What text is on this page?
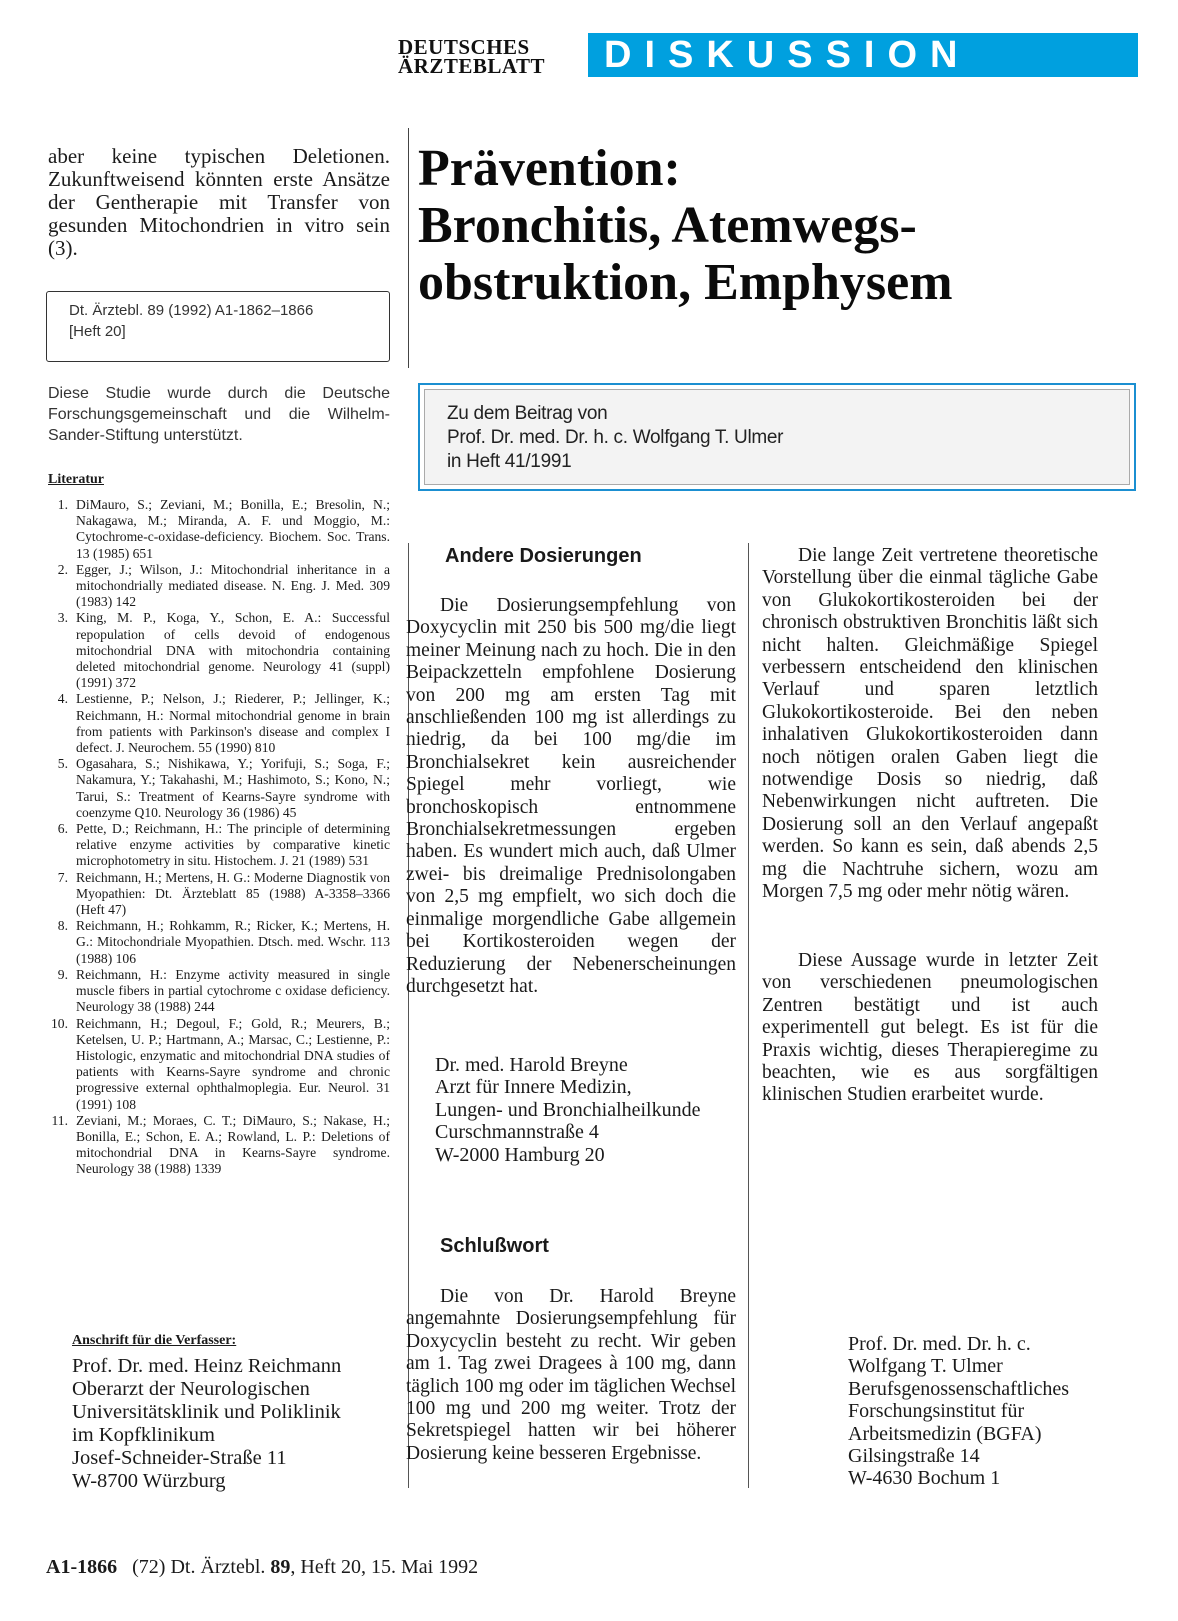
DEUTSCHES
ÄRZTEBLATT	DISKUSSION
aber keine typischen Deletionen. Zukunftweisend könnten erste Ansätze der Gentherapie mit Transfer von gesunden Mitochondrien in vitro sein (3).
Dt. Ärztebl. 89 (1992) A1-1862–1866
[Heft 20]
Diese Studie wurde durch die Deutsche Forschungsgemeinschaft und die Wilhelm-Sander-Stiftung unterstützt.
Literatur
1. DiMauro, S.; Zeviani, M.; Bonilla, E.; Bresolin, N.; Nakagawa, M.; Miranda, A. F. und Moggio, M.: Cytochrome-c-oxidase-deficiency. Biochem. Soc. Trans. 13 (1985) 651
2. Egger, J.; Wilson, J.: Mitochondrial inheritance in a mitochondrially mediated disease. N. Eng. J. Med. 309 (1983) 142
3. King, M. P., Koga, Y., Schon, E. A.: Successful repopulation of cells devoid of endogenous mitochondrial DNA with mitochondria containing deleted mitochondrial genome. Neurology 41 (suppl) (1991) 372
4. Lestienne, P.; Nelson, J.; Riederer, P.; Jellinger, K.; Reichmann, H.: Normal mitochondrial genome in brain from patients with Parkinson's disease and complex I defect. J. Neurochem. 55 (1990) 810
5. Ogasahara, S.; Nishikawa, Y.; Yorifuji, S.; Soga, F.; Nakamura, Y.; Takahashi, M.; Hashimoto, S.; Kono, N.; Tarui, S.: Treatment of Kearns-Sayre syndrome with coenzyme Q10. Neurology 36 (1986) 45
6. Pette, D.; Reichmann, H.: The principle of determining relative enzyme activities by comparative kinetic microphotometry in situ. Histochem. J. 21 (1989) 531
7. Reichmann, H.; Mertens, H. G.: Moderne Diagnostik von Myopathien: Dt. Ärzteblatt 85 (1988) A-3358–3366 (Heft 47)
8. Reichmann, H.; Rohkamm, R.; Ricker, K.; Mertens, H. G.: Mitochondriale Myopathien. Dtsch. med. Wschr. 113 (1988) 106
9. Reichmann, H.: Enzyme activity measured in single muscle fibers in partial cytochrome c oxidase deficiency. Neurology 38 (1988) 244
10. Reichmann, H.; Degoul, F.; Gold, R.; Meurers, B.; Ketelsen, U. P.; Hartmann, A.; Marsac, C.; Lestienne, P.: Histologic, enzymatic and mitochondrial DNA studies of patients with Kearns-Sayre syndrome and chronic progressive external ophthalmoplegia. Eur. Neurol. 31 (1991) 108
11. Zeviani, M.; Moraes, C. T.; DiMauro, S.; Nakase, H.; Bonilla, E.; Schon, E. A.; Rowland, L. P.: Deletions of mitochondrial DNA in Kearns-Sayre syndrome. Neurology 38 (1988) 1339
Anschrift für die Verfasser:
Prof. Dr. med. Heinz Reichmann
Oberarzt der Neurologischen
Universitätsklinik und Poliklinik
im Kopfklinikum
Josef-Schneider-Straße 11
W-8700 Würzburg
Prävention:
Bronchitis, Atemwegs-
obstruktion, Emphysem
Zu dem Beitrag von
Prof. Dr. med. Dr. h. c. Wolfgang T. Ulmer
in Heft 41/1991
Andere Dosierungen
Die Dosierungsempfehlung von Doxycyclin mit 250 bis 500 mg/die liegt meiner Meinung nach zu hoch. Die in den Beipackzetteln empfohlene Dosierung von 200 mg am ersten Tag mit anschließenden 100 mg ist allerdings zu niedrig, da bei 100 mg/die im Bronchialsekret kein ausreichender Spiegel mehr vorliegt, wie bronchoskopisch entnommene Bronchialsekretmessungen ergeben haben. Es wundert mich auch, daß Ulmer zwei- bis dreimalige Prednisolongaben von 2,5 mg empfielt, wo sich doch die einmalige morgendliche Gabe allgemein bei Kortikosteroiden wegen der Reduzierung der Nebenerscheinungen durchgesetzt hat.
Dr. med. Harold Breyne
Arzt für Innere Medizin,
Lungen- und Bronchialheilkunde
Curschmannstraße 4
W-2000 Hamburg 20
Schlußwort
Die von Dr. Harold Breyne angemahnte Dosierungsempfehlung für Doxycyclin besteht zu recht. Wir geben am 1. Tag zwei Dragees à 100 mg, dann täglich 100 mg oder im täglichen Wechsel 100 mg und 200 mg weiter. Trotz der Sekretspiegel hatten wir bei höherer Dosierung keine besseren Ergebnisse.
Die lange Zeit vertretene theoretische Vorstellung über die einmal tägliche Gabe von Glukokortikosteroiden bei der chronisch obstruktiven Bronchitis läßt sich nicht halten. Gleichmäßige Spiegel verbessern entscheidend den klinischen Verlauf und sparen letztlich Glukokortikosteroide. Bei den neben inhalativen Glukokortikosteroiden dann noch nötigen oralen Gaben liegt die notwendige Dosis so niedrig, daß Nebenwirkungen nicht auftreten. Die Dosierung soll an den Verlauf angepaßt werden. So kann es sein, daß abends 2,5 mg die Nachtruhe sichern, wozu am Morgen 7,5 mg oder mehr nötig wären.
Diese Aussage wurde in letzter Zeit von verschiedenen pneumologischen Zentren bestätigt und ist auch experimentell gut belegt. Es ist für die Praxis wichtig, dieses Therapieregime zu beachten, wie es aus sorgfältigen klinischen Studien erarbeitet wurde.
Prof. Dr. med. Dr. h. c.
Wolfgang T. Ulmer
Berufsgenossenschaftliches
Forschungsinstitut für
Arbeitsmedizin (BGFA)
Gilsingstraße 14
W-4630 Bochum 1
A1-1866 (72) Dt. Ärztebl. 89, Heft 20, 15. Mai 1992
